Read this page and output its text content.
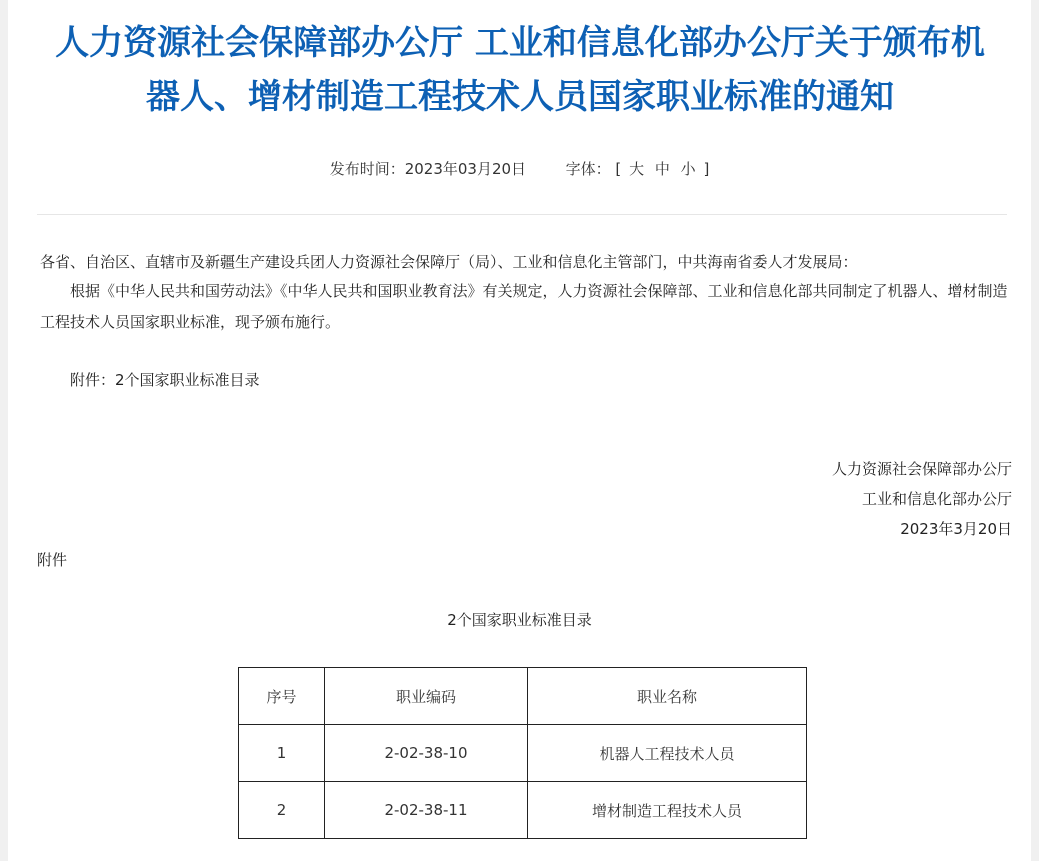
人力资源社会保障部办公厅 工业和信息化部办公厅关于颁布机器人、增材制造工程技术人员国家职业标准的通知
发布时间：2023年03月20日	字体： [ 大 中 小 ]

各省、自治区、直辖市及新疆生产建设兵团人力资源社会保障厅（局）、工业和信息化主管部门，中共海南省委人才发展局：

根据《中华人民共和国劳动法》《中华人民共和国职业教育法》有关规定，人力资源社会保障部、工业和信息化部共同制定了机器人、增材制造工程技术人员国家职业标准，现予颁布施行。

附件：2个国家职业标准目录

人力资源社会保障部办公厅

工业和信息化部办公厅

2023年3月20日

附件

2个国家职业标准目录

序号	职业编码	职业名称
1	2-02-38-10	机器人工程技术人员
2	2-02-38-11	增材制造工程技术人员
